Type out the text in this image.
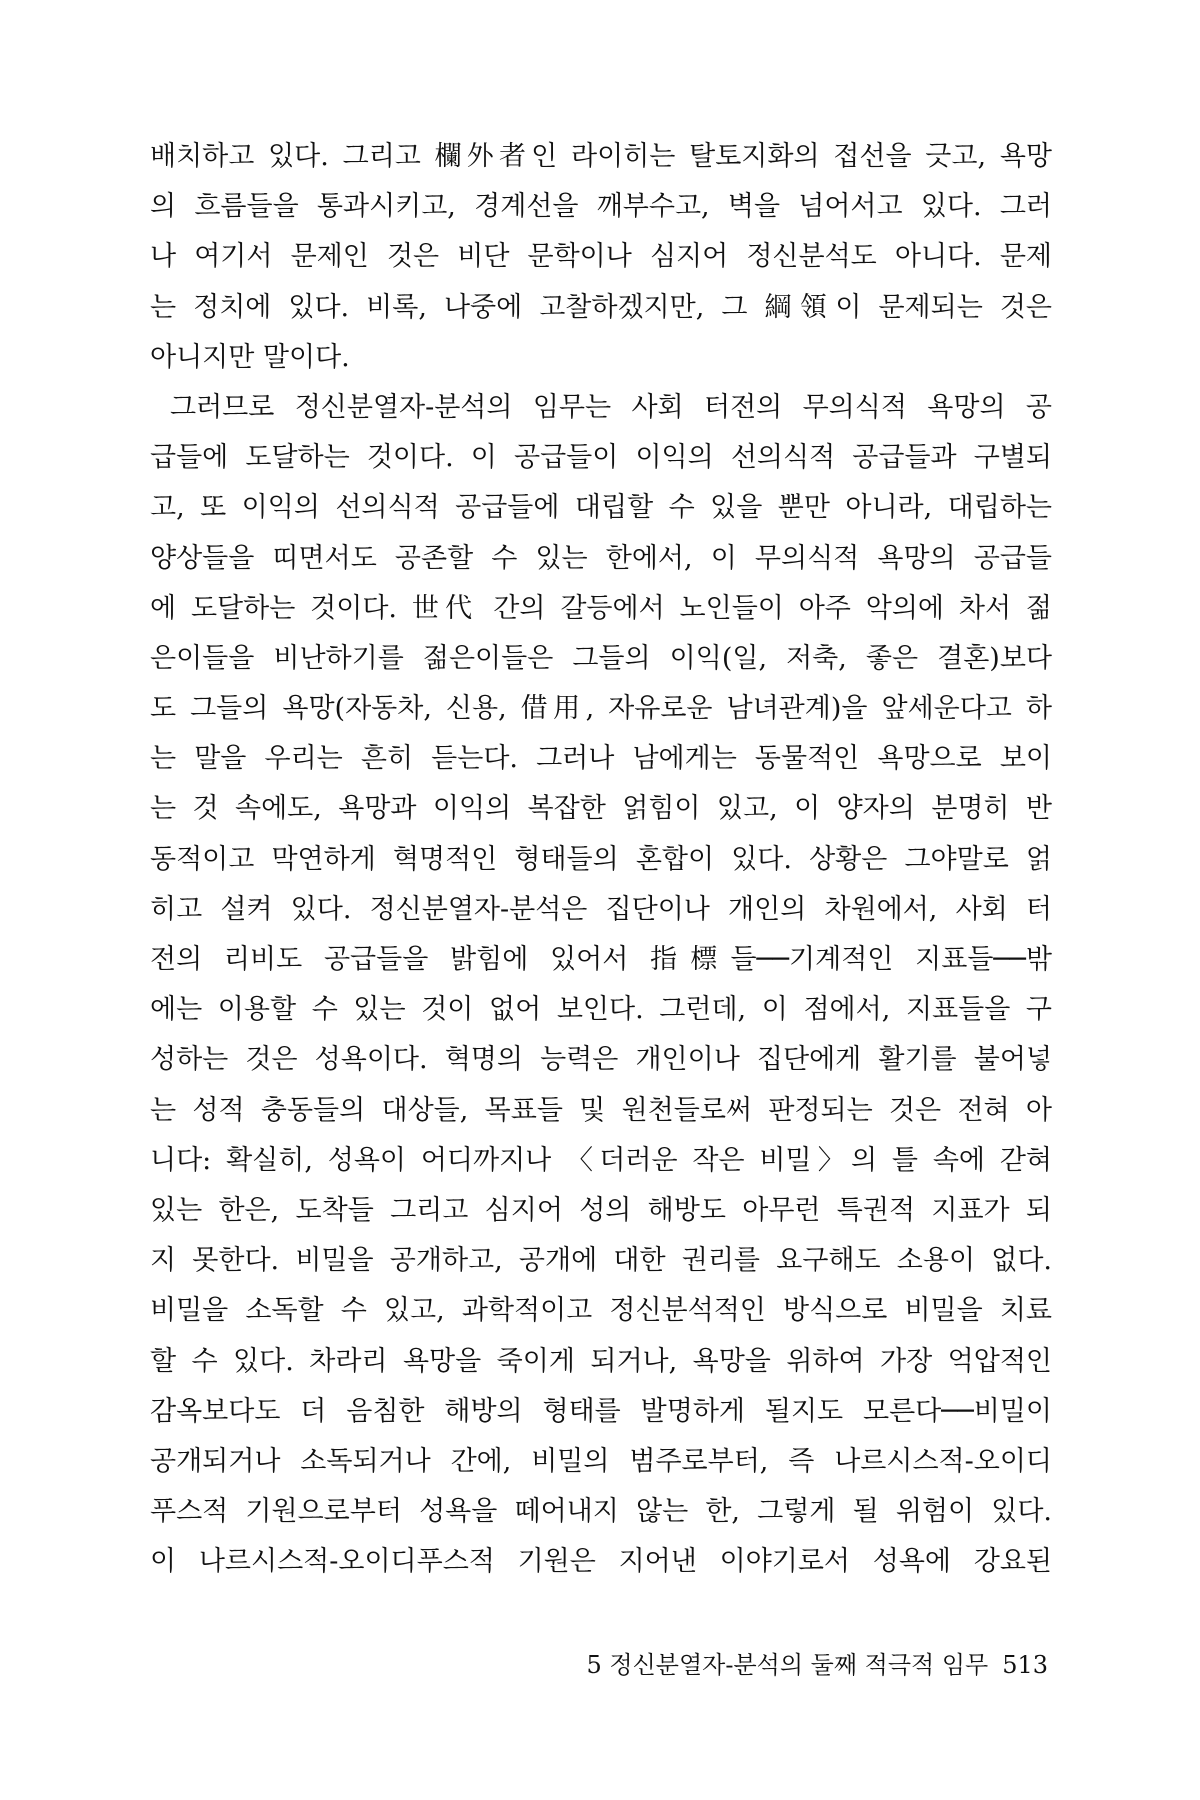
배치하고 있다. 그리고 欄外者인 라이히는 탈토지화의 접선을 긋고, 욕망
의 흐름들을 통과시키고, 경계선을 깨부수고, 벽을 넘어서고 있다. 그러
나 여기서 문제인 것은 비단 문학이나 심지어 정신분석도 아니다. 문제
는 정치에 있다. 비록, 나중에 고찰하겠지만, 그 綱領이 문제되는 것은
아니지만 말이다.
그러므로 정신분열자-분석의 임무는 사회 터전의 무의식적 욕망의 공
급들에 도달하는 것이다. 이 공급들이 이익의 선의식적 공급들과 구별되
고, 또 이익의 선의식적 공급들에 대립할 수 있을 뿐만 아니라, 대립하는
양상들을 띠면서도 공존할 수 있는 한에서, 이 무의식적 욕망의 공급들
에 도달하는 것이다. 世代 간의 갈등에서 노인들이 아주 악의에 차서 젊
은이들을 비난하기를 젊은이들은 그들의 이익(일, 저축, 좋은 결혼)보다
도 그들의 욕망(자동차, 신용, 借用, 자유로운 남녀관계)을 앞세운다고 하
는 말을 우리는 흔히 듣는다. 그러나 남에게는 동물적인 욕망으로 보이
는 것 속에도, 욕망과 이익의 복잡한 얽힘이 있고, 이 양자의 분명히 반
동적이고 막연하게 혁명적인 형태들의 혼합이 있다. 상황은 그야말로 얽
히고 설켜 있다. 정신분열자-분석은 집단이나 개인의 차원에서, 사회 터
전의 리비도 공급들을 밝힘에 있어서 指標들──기계적인 지표들──밖
에는 이용할 수 있는 것이 없어 보인다. 그런데, 이 점에서, 지표들을 구
성하는 것은 성욕이다. 혁명의 능력은 개인이나 집단에게 활기를 불어넣
는 성적 충동들의 대상들, 목표들 및 원천들로써 판정되는 것은 전혀 아
니다: 확실히, 성욕이 어디까지나 〈더러운 작은 비밀〉의 틀 속에 갇혀
있는 한은, 도착들 그리고 심지어 성의 해방도 아무런 특권적 지표가 되
지 못한다. 비밀을 공개하고, 공개에 대한 권리를 요구해도 소용이 없다.
비밀을 소독할 수 있고, 과학적이고 정신분석적인 방식으로 비밀을 치료
할 수 있다. 차라리 욕망을 죽이게 되거나, 욕망을 위하여 가장 억압적인
감옥보다도 더 음침한 해방의 형태를 발명하게 될지도 모른다──비밀이
공개되거나 소독되거나 간에, 비밀의 범주로부터, 즉 나르시스적-오이디
푸스적 기원으로부터 성욕을 떼어내지 않는 한, 그렇게 될 위험이 있다.
이 나르시스적-오이디푸스적 기원은 지어낸 이야기로서 성욕에 강요된
5 정신분열자-분석의 둘째 적극적 임무 513
